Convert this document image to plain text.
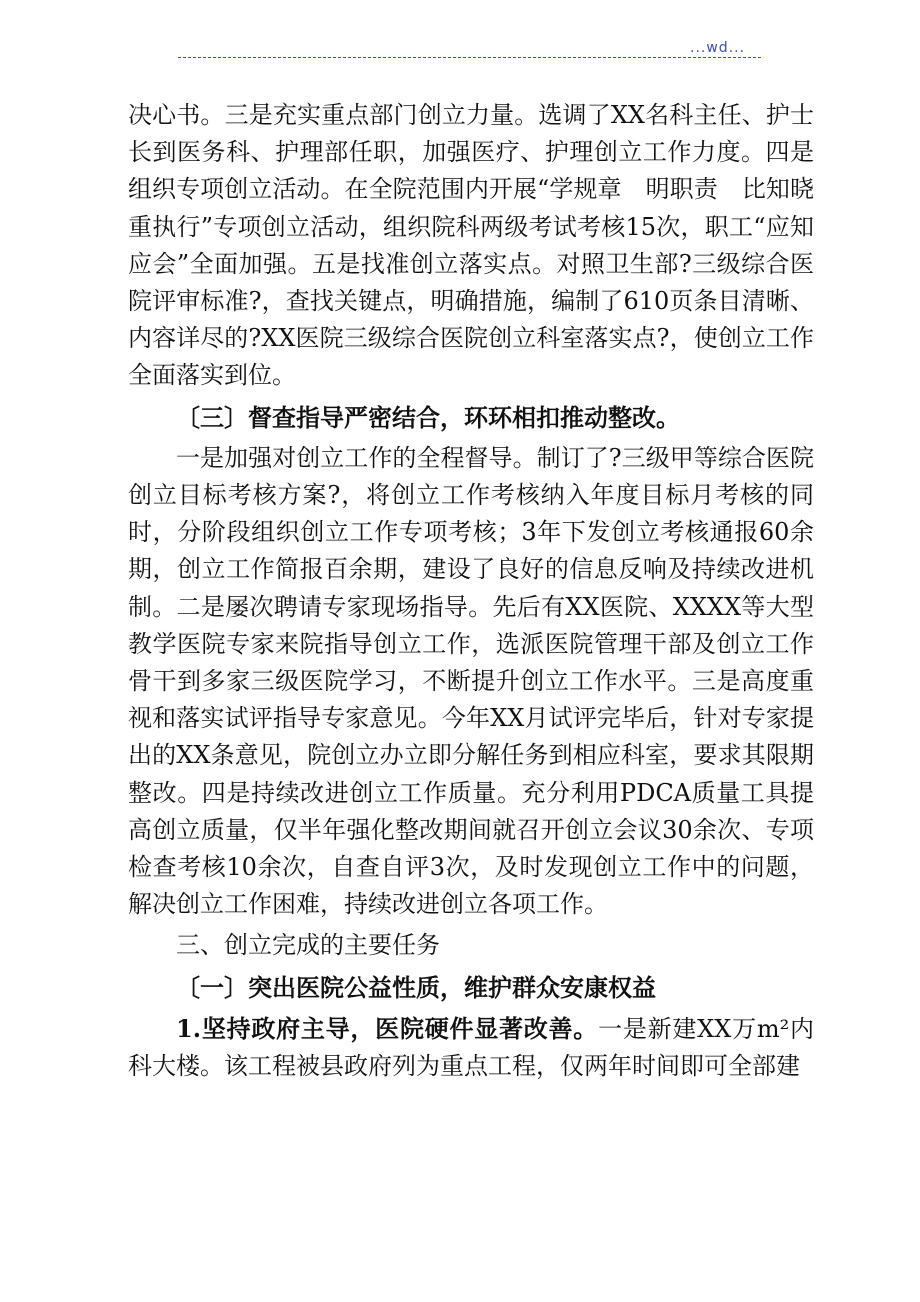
...wd...

决心书。三是充实重点部门创立力量。选调了XX名科主任、护士长到医务科、护理部任职，加强医疗、护理创立工作力度。四是组织专项创立活动。在全院范围内开展“学规章　明职责　比知晓　重执行”专项创立活动，组织院科两级考试考核15次，职工“应知应会”全面加强。五是找准创立落实点。对照卫生部?三级综合医院评审标准?，查找关键点，明确措施，编制了610页条目清晰、内容详尽的?XX医院三级综合医院创立科室落实点?，使创立工作全面落实到位。

〔三〕督查指导严密结合，环环相扣推动整改。

一是加强对创立工作的全程督导。制订了?三级甲等综合医院创立目标考核方案?，将创立工作考核纳入年度目标月考核的同时，分阶段组织创立工作专项考核；3年下发创立考核通报60余期，创立工作简报百余期，建设了良好的信息反响及持续改进机制。二是屡次聘请专家现场指导。先后有XX医院、XXXX等大型教学医院专家来院指导创立工作，选派医院管理干部及创立工作骨干到多家三级医院学习，不断提升创立工作水平。三是高度重视和落实试评指导专家意见。今年XX月试评完毕后，针对专家提出的XX条意见，院创立办立即分解任务到相应科室，要求其限期整改。四是持续改进创立工作质量。充分利用PDCA质量工具提高创立质量，仅半年强化整改期间就召开创立会议30余次、专项检查考核10余次，自查自评3次，及时发现创立工作中的问题，解决创立工作困难，持续改进创立各项工作。

三、创立完成的主要任务

〔一〕突出医院公益性质，维护群众安康权益

1.坚持政府主导，医院硬件显著改善。一是新建XX万m²内科大楼。该工程被县政府列为重点工程，仅两年时间即可全部建
